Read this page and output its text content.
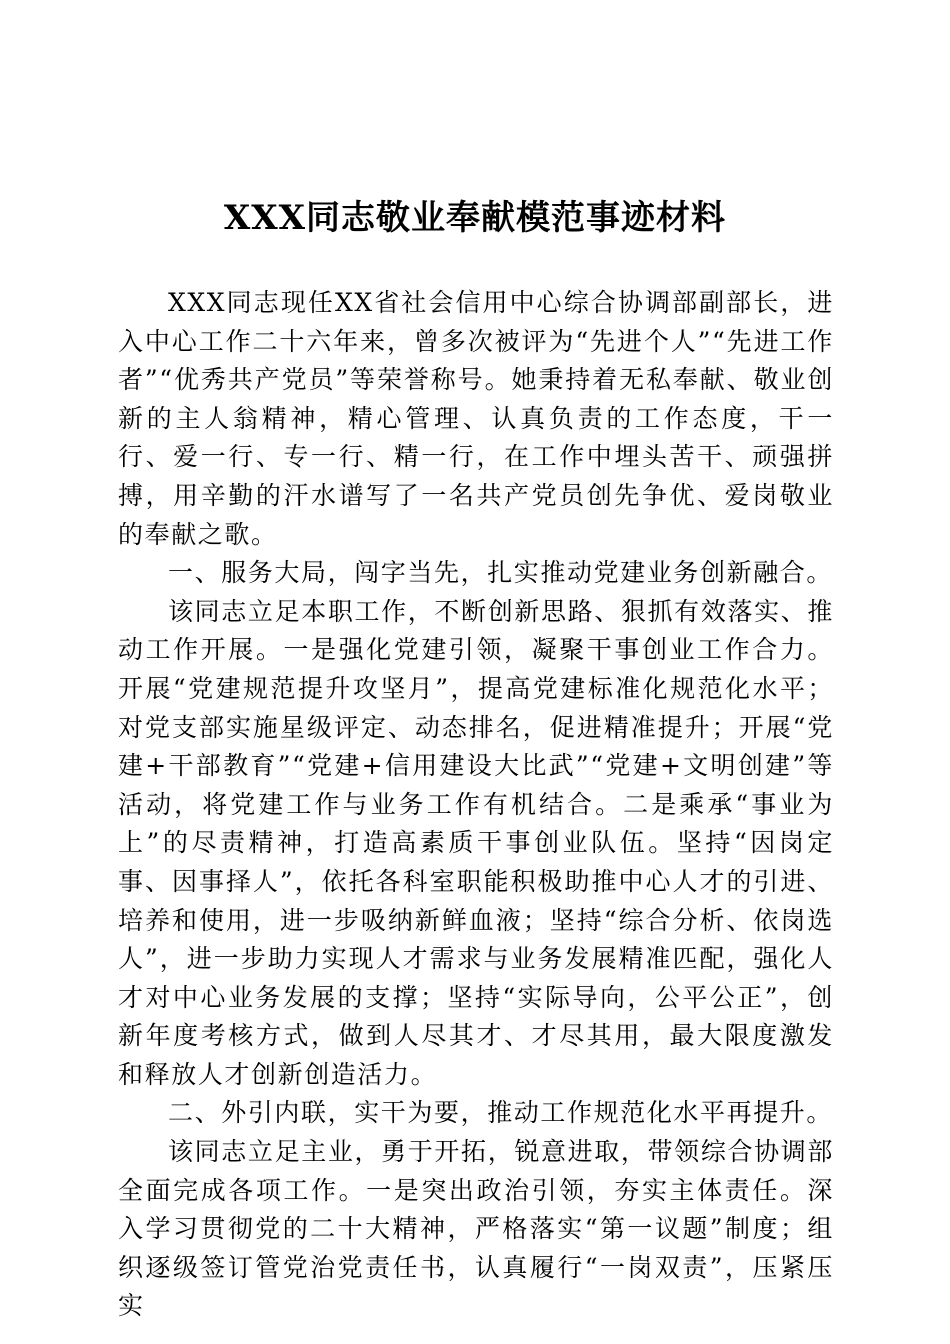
XXX同志敬业奉献模范事迹材料

XXX同志现任XX省社会信用中心综合协调部副部长，进入中心工作二十六年来，曾多次被评为“先进个人”“先进工作者”“优秀共产党员”等荣誉称号。她秉持着无私奉献、敬业创新的主人翁精神，精心管理、认真负责的工作态度，干一行、爱一行、专一行、精一行，在工作中埋头苦干、顽强拼搏，用辛勤的汗水谱写了一名共产党员创先争优、爱岗敬业的奉献之歌。

一、服务大局，闯字当先，扎实推动党建业务创新融合。

该同志立足本职工作，不断创新思路、狠抓有效落实、推动工作开展。一是强化党建引领，凝聚干事创业工作合力。开展“党建规范提升攻坚月”，提高党建标准化规范化水平；对党支部实施星级评定、动态排名，促进精准提升；开展“党建+干部教育”“党建+信用建设大比武”“党建+文明创建”等活动，将党建工作与业务工作有机结合。二是乘承“事业为上”的尽责精神，打造高素质干事创业队伍。坚持“因岗定事、因事择人”，依托各科室职能积极助推中心人才的引进、培养和使用，进一步吸纳新鲜血液；坚持“综合分析、依岗选人”，进一步助力实现人才需求与业务发展精准匹配，强化人才对中心业务发展的支撑；坚持“实际导向，公平公正”，创新年度考核方式，做到人尽其才、才尽其用，最大限度激发和释放人才创新创造活力。

二、外引内联，实干为要，推动工作规范化水平再提升。

该同志立足主业，勇于开拓，锐意进取，带领综合协调部全面完成各项工作。一是突出政治引领，夯实主体责任。深入学习贯彻党的二十大精神，严格落实“第一议题”制度；组织逐级签订管党治党责任书，认真履行“一岗双责”，压紧压实
